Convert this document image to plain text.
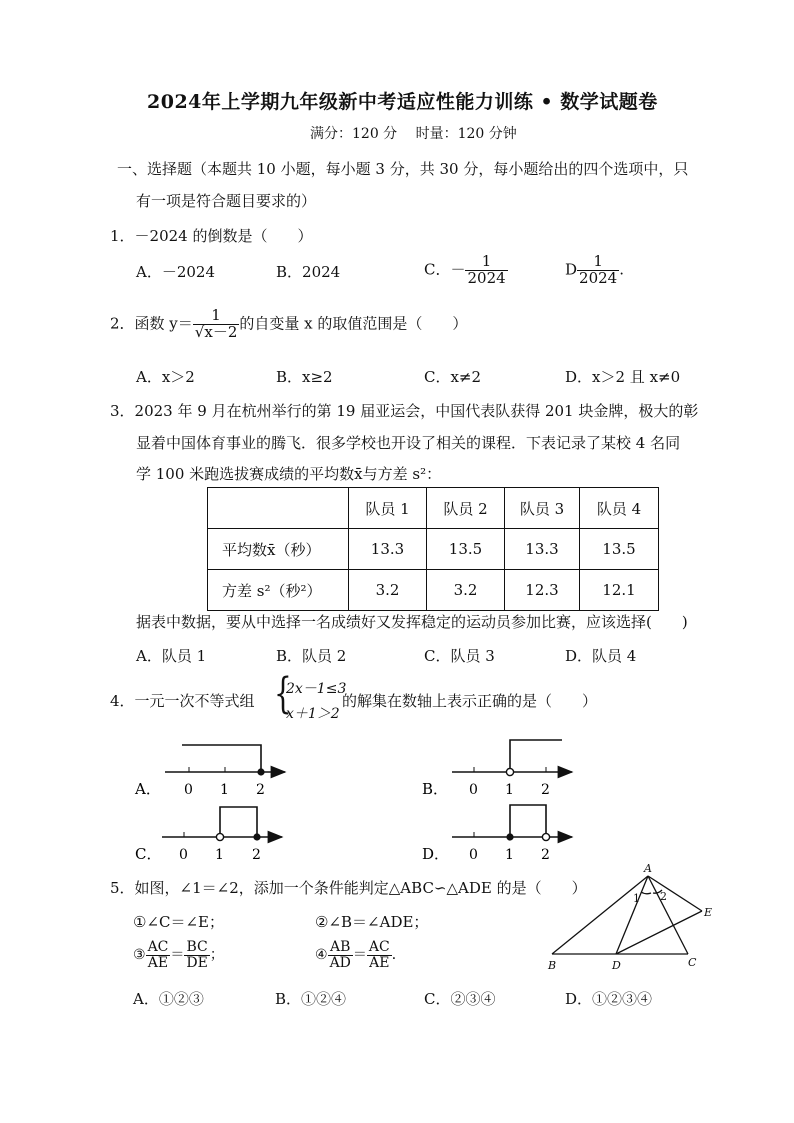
2024年上学期九年级新中考适应性能力训练 • 数学试题卷
满分：120 分　 时量：120 分钟
一、选择题（本题共 10 小题，每小题 3 分，共 30 分，每小题给出的四个选项中，只
有一项是符合题目要求的）
1．－2024 的倒数是（　　）
A．－2024	B．2024	C．－ $\frac{1}{2024}$	D $\frac{1}{2024}$ .
2．函数 $y= \frac{1}{√x-2}$ 的自变量 x 的取值范围是（　　）
A．x＞2	B．x≥2	C．x≠2	D．x＞2 且 x≠0
3．2023 年 9 月在杭州举行的第 19 届亚运会，中国代表队获得 201 块金牌，极大的彰
显着中国体育事业的腾飞．很多学校也开设了相关的课程．下表记录了某校 4 名同
学 100 米跑选拔赛成绩的平均数x̄与方差 s²：
	队员 1	队员 2	队员 3	队员 4
平均数x̄（秒）	13.3	13.5	13.3	13.5
方差 s²（秒²）	3.2	3.2	12.3	12.1
据表中数据，要从中选择一名成绩好又发挥稳定的运动员参加比赛，应该选择(　　)
A．队员 1	B．队员 2	C．队员 3	D．队员 4
4．一元一次不等式组 {
2x－1≤3
x＋1＞2
的解集在数轴上表示正确的是（　　）
A． 0 1 2	B． 0 1 2
C． 0 1 2	D． 0 1 2
A
B	C
D
E
1 2
5．如图，∠1＝∠2，添加一个条件能判定△ABC∽△ADE 的是（　　）
①∠C＝∠E；	②∠B＝∠ADE；
③ $\frac{AC}{AE} = \frac{BC}{DE}$ ；	④ $\frac{AB}{AD} = \frac{AC}{AE}$ ．
A．①②③	B．①②④	C．②③④	D．①②③④
